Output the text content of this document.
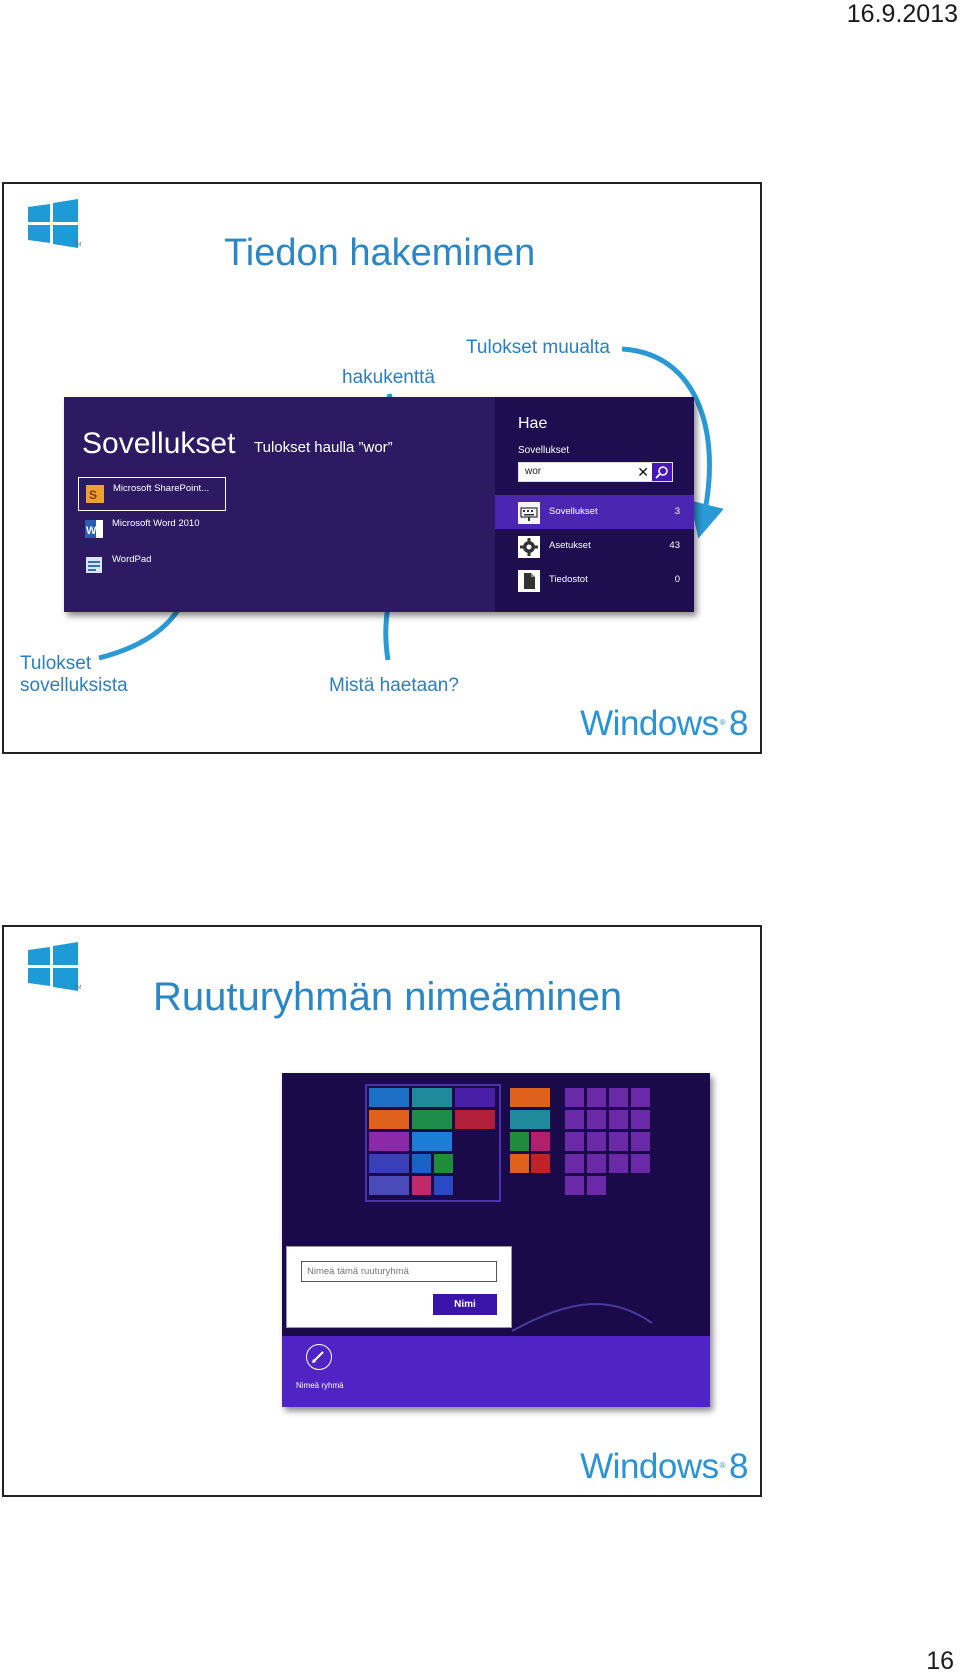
16.9.2013
TM	Tiedon hakeminen
hakukenttä
Tulokset muualta
Tulokset
sovelluksista	Mistä haetaan?
Sovellukset Tulokset haulla ”wor”
S Microsoft SharePoint...
W
Microsoft Word 2010
WordPad
Hae
Sovellukset
wor	✕
Sovellukset	3
Asetukset	43
Tiedostot	0
Windows® 8
TM Ruuturyhmän nimeäminen
Nimeä tämä ruuturyhmä
Nimi
Nimeä ryhmä
Windows® 8
16
